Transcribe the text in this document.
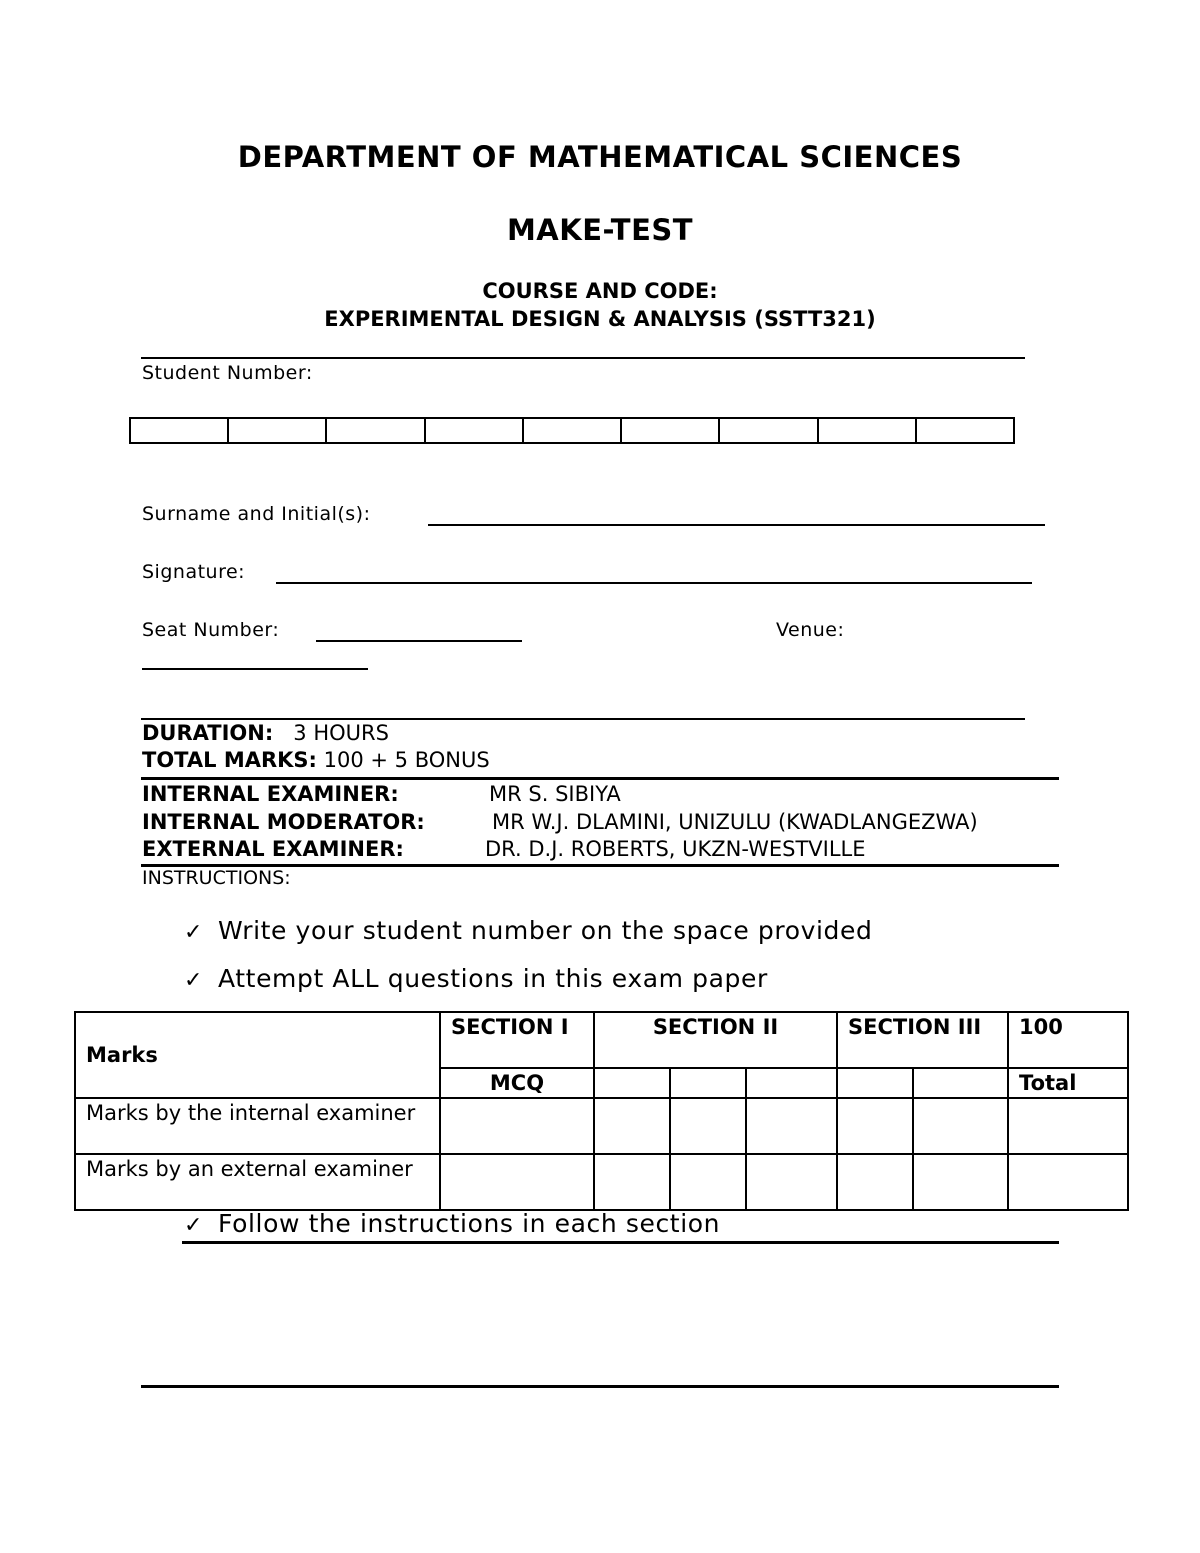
DEPARTMENT OF MATHEMATICAL SCIENCES
MAKE-TEST
COURSE AND CODE:
EXPERIMENTAL DESIGN & ANALYSIS (SSTT321)
Student Number:
Surname and Initial(s):
Signature:
Seat Number:	Venue:
DURATION: 3 HOURS
TOTAL MARKS: 100 + 5 BONUS
INTERNAL EXAMINER:	MR S. SIBIYA
INTERNAL MODERATOR:	MR W.J. DLAMINI, UNIZULU (KWADLANGEZWA)
EXTERNAL EXAMINER:	DR. D.J. ROBERTS, UKZN-WESTVILLE
INSTRUCTIONS:
✓ Write your student number on the space provided
✓ Attempt ALL questions in this exam paper
Marks	SECTION I	SECTION II			SECTION III		100
	MCQ						Total
Marks by the internal examiner							
Marks by an external examiner							
✓ Follow the instructions in each section
